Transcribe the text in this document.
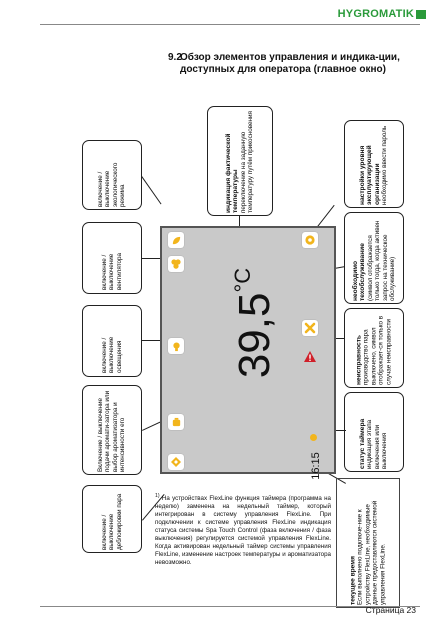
HYGROMATIK
9.2
Обзор элементов управления и индика-ции, доступных для оператора (главное окно)
индикация фактической температуры переключение на заданную температуру путём прикосновения
включение / выключение экологического режима
включение / выключение вентилятора
включение / выключение освещения
Включение / выключение подачи аромати-затора или выбор ароматизатора и интенсивности его
включение / выключение деблокировки пара
настройки уровня эксплуатирующей организации необходимо ввести пароль
необходимо техобслуживание (символ отображается только тогда, когда активен запрос на техническое обслуживание)
неисправность производство пара выключено, символ отображает-ся только в случае неисправности
статус таймера индикация этапа включения или выключения
$39,5^{^\circ C}$
16:15
$^{1)}$ На устройствах FlexLine функция таймера (программа на неделю) заменена на недельный таймер, который интегрирован в систему управления FlexLine. При подключении к системе управления FlexLine индикация статуса системы Spa Touch Control (фаза включения / фаза выключения) регулируется системой управления FlexLine. Когда активирован недельный таймер системы управления FlexLine, изменение настроек температуры и ароматизатора невозможно.	текущее время Если выполнено подключе-ние к устройству FlexLine, необходимые данные предоставляются системой управления FlexLine.
Страница 23
